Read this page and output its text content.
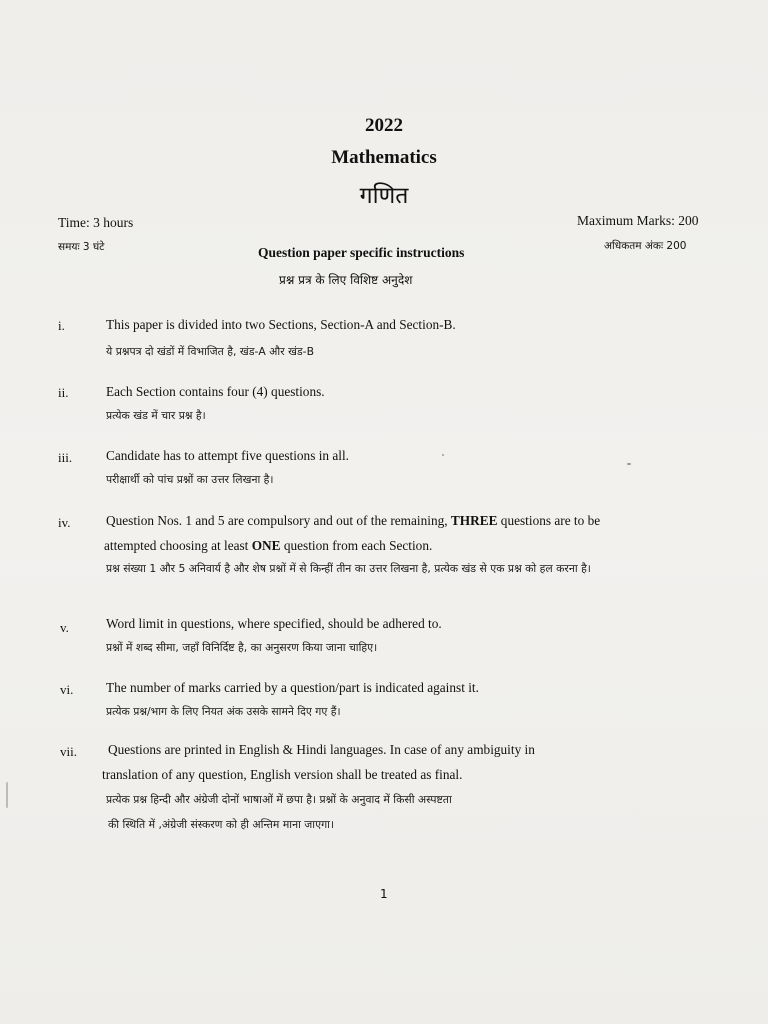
2022
Mathematics
गणित
Time: 3 hours
समयः 3 घंटे
Maximum Marks: 200
अधिकतम अंकः 200
Question paper specific instructions
प्रश्न प्रत्र के लिए विशिष्ट अनुदेश
i.	This paper is divided into two Sections, Section-A and Section-B.
ये प्रश्नपत्र दो खंडों में विभाजित है, खंड-A और खंड-B
ii.	Each Section contains four (4) questions.
प्रत्येक खंड में चार प्रश्न है।
iii.	Candidate has to attempt five questions in all.
परीक्षार्थी को पांच प्रश्नों का उत्तर लिखना है।
iv.	Question Nos. 1 and 5 are compulsory and out of the remaining, THREE questions are to be
attempted choosing at least ONE question from each Section.
प्रश्न संख्या 1 और 5 अनिवार्य है और शेष प्रश्नों में से किन्हीं तीन का उत्तर लिखना है, प्रत्येक खंड से एक प्रश्न को हल करना है।
v.	Word limit in questions, where specified, should be adhered to.
प्रश्नों में शब्द सीमा, जहाँ विनिर्दिष्ट है, का अनुसरण किया जाना चाहिए।
vi. The number of marks carried by a question/part is indicated against it.
प्रत्येक प्रश्न/भाग के लिए नियत अंक उसके सामने दिए गए हैं।
vii. Questions are printed in English & Hindi languages. In case of any ambiguity in
translation of any question, English version shall be treated as final.
प्रत्येक प्रश्न हिन्दी और अंग्रेजी दोनों भाषाओं में छपा है। प्रश्नों के अनुवाद में किसी अस्पष्टता
की स्थिति में ,अंग्रेजी संस्करण को ही अन्तिम माना जाएगा।
1
